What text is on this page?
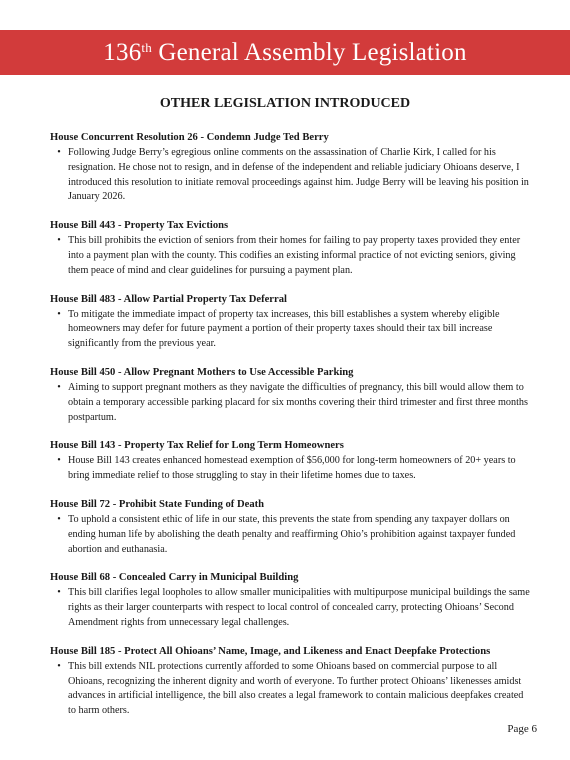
136th
General Assembly Legislation
OTHER LEGISLATION INTRODUCED
House Concurrent Resolution 26 - Condemn Judge Ted Berry
• Following Judge Berry’s egregious online comments on the assassination of Charlie Kirk, I called for his resignation. He chose not to resign, and in defense of the independent and reliable judiciary Ohioans deserve, I introduced this resolution to initiate removal proceedings against him. Judge Berry will be leaving his position in January 2026.
House Bill 443 - Property Tax Evictions
• This bill prohibits the eviction of seniors from their homes for failing to pay property taxes provided they enter into a payment plan with the county. This codifies an existing informal practice of not evicting seniors, giving them peace of mind and clear guidelines for pursuing a payment plan.
House Bill 483 - Allow Partial Property Tax Deferral
• To mitigate the immediate impact of property tax increases, this bill establishes a system whereby eligible homeowners may defer for future payment a portion of their property taxes should their tax bill increase significantly from the previous year.
House Bill 450 - Allow Pregnant Mothers to Use Accessible Parking
• Aiming to support pregnant mothers as they navigate the difficulties of pregnancy, this bill would allow them to obtain a temporary accessible parking placard for six months covering their third trimester and first three months postpartum.
House Bill 143 - Property Tax Relief for Long Term Homeowners
• House Bill 143 creates enhanced homestead exemption of $56,000 for long-term homeowners of 20+ years to bring immediate relief to those struggling to stay in their lifetime homes due to taxes.
House Bill 72 - Prohibit State Funding of Death
• To uphold a consistent ethic of life in our state, this prevents the state from spending any taxpayer dollars on ending human life by abolishing the death penalty and reaffirming Ohio’s prohibition against taxpayer funded abortion and euthanasia.
House Bill 68 - Concealed Carry in Municipal Building
• This bill clarifies legal loopholes to allow smaller municipalities with multipurpose municipal buildings the same rights as their larger counterparts with respect to local control of concealed carry, protecting Ohioans’ Second Amendment rights from unnecessary legal challenges.
House Bill 185 - Protect All Ohioans’ Name, Image, and Likeness and Enact Deepfake Protections
• This bill extends NIL protections currently afforded to some Ohioans based on commercial purpose to all Ohioans, recognizing the inherent dignity and worth of everyone. To further protect Ohioans’ likenesses amidst advances in artificial intelligence, the bill also creates a legal framework to contain malicious deepfakes created to harm others.
Page 6
